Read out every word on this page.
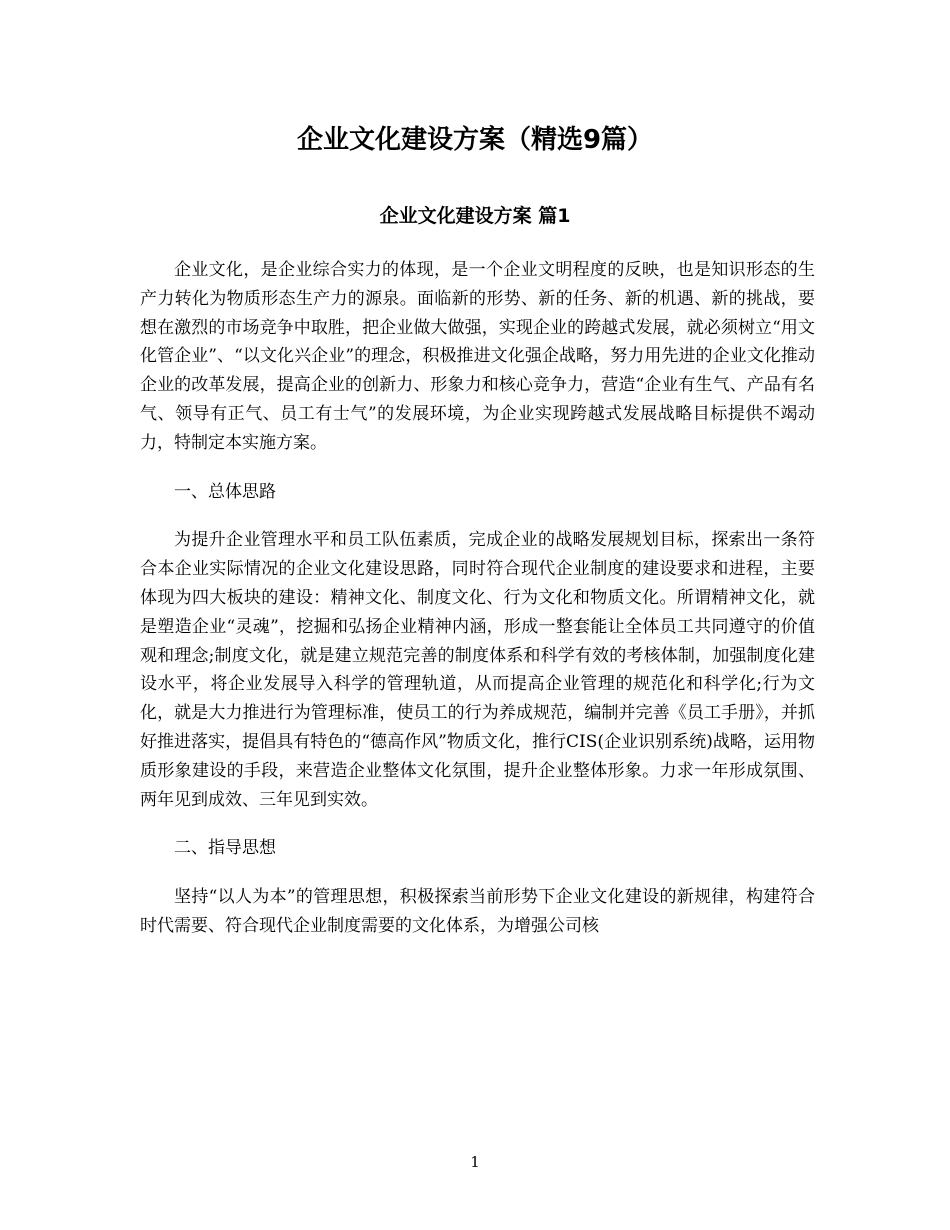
企业文化建设方案（精选9篇）
企业文化建设方案 篇1

企业文化，是企业综合实力的体现，是一个企业文明程度的反映，也是知识形态的生产力转化为物质形态生产力的源泉。面临新的形势、新的任务、新的机遇、新的挑战，要想在激烈的市场竞争中取胜，把企业做大做强，实现企业的跨越式发展，就必须树立“用文化管企业”、“以文化兴企业”的理念，积极推进文化强企战略，努力用先进的企业文化推动企业的改革发展，提高企业的创新力、形象力和核心竞争力，营造“企业有生气、产品有名气、领导有正气、员工有士气”的发展环境，为企业实现跨越式发展战略目标提供不竭动力，特制定本实施方案。

一、总体思路

为提升企业管理水平和员工队伍素质，完成企业的战略发展规划目标，探索出一条符合本企业实际情况的企业文化建设思路，同时符合现代企业制度的建设要求和进程，主要体现为四大板块的建设：精神文化、制度文化、行为文化和物质文化。所谓精神文化，就是塑造企业“灵魂”，挖掘和弘扬企业精神内涵，形成一整套能让全体员工共同遵守的价值观和理念;制度文化，就是建立规范完善的制度体系和科学有效的考核体制，加强制度化建设水平，将企业发展导入科学的管理轨道，从而提高企业管理的规范化和科学化;行为文化，就是大力推进行为管理标准，使员工的行为养成规范，编制并完善《员工手册》，并抓好推进落实，提倡具有特色的“德高作风”物质文化，推行CIS(企业识别系统)战略，运用物质形象建设的手段，来营造企业整体文化氛围，提升企业整体形象。力求一年形成氛围、两年见到成效、三年见到实效。

二、指导思想

坚持“以人为本”的管理思想，积极探索当前形势下企业文化建设的新规律，构建符合时代需要、符合现代企业制度需要的文化体系，为增强公司核

1
